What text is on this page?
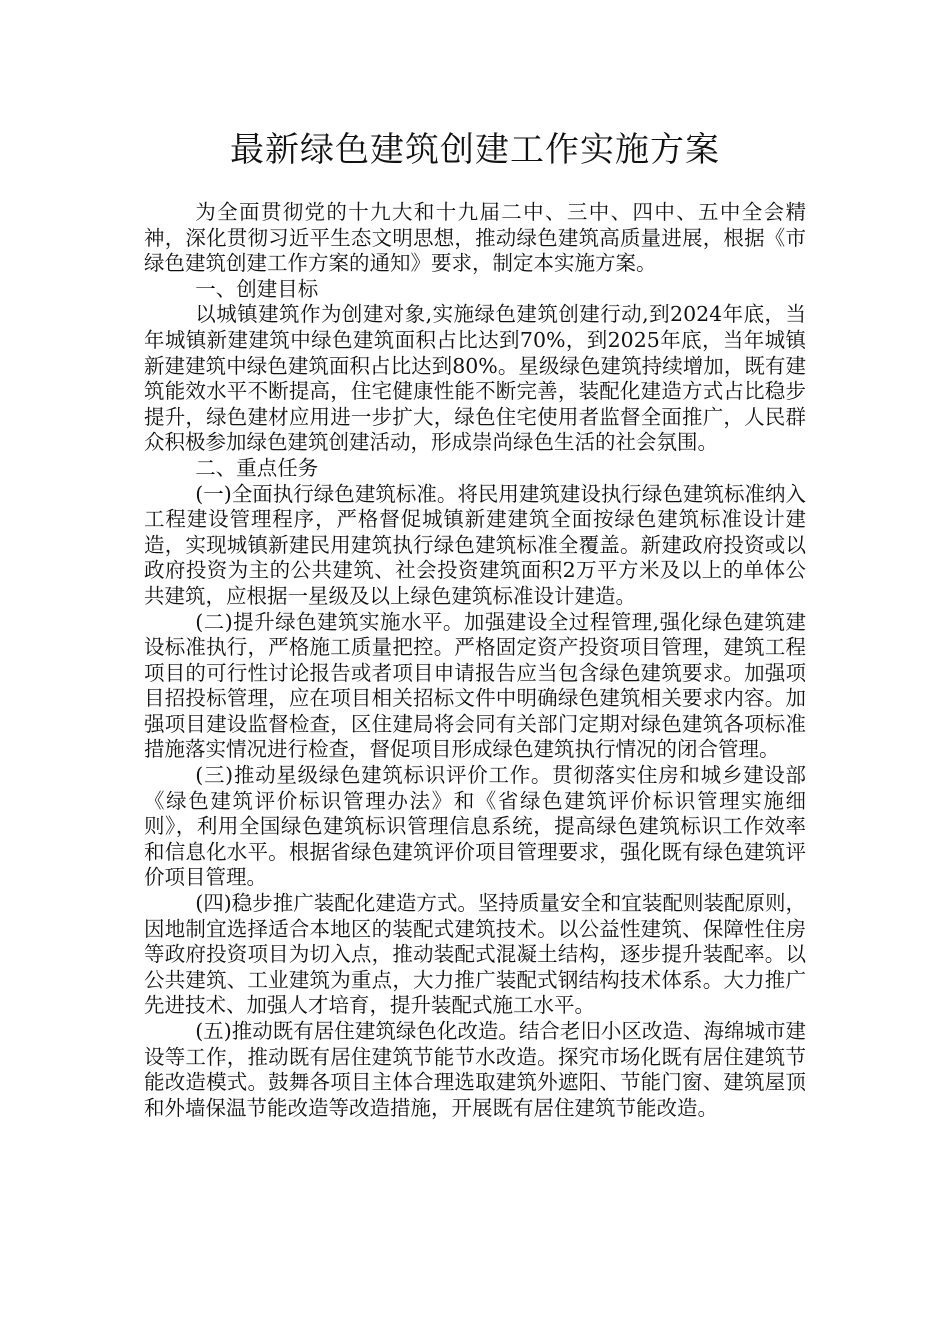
最新绿色建筑创建工作实施方案

为全面贯彻党的十九大和十九届二中、三中、四中、五中全会精神，深化贯彻习近平生态文明思想，推动绿色建筑高质量进展，根据《市绿色建筑创建工作方案的通知》要求，制定本实施方案。

一、创建目标

以城镇建筑作为创建对象,实施绿色建筑创建行动,到2024年底，当年城镇新建建筑中绿色建筑面积占比达到70%，到2025年底，当年城镇新建建筑中绿色建筑面积占比达到80%。星级绿色建筑持续增加，既有建筑能效水平不断提高，住宅健康性能不断完善，装配化建造方式占比稳步提升，绿色建材应用进一步扩大，绿色住宅使用者监督全面推广，人民群众积极参加绿色建筑创建活动，形成崇尚绿色生活的社会氛围。

二、重点任务

(一)全面执行绿色建筑标准。将民用建筑建设执行绿色建筑标准纳入工程建设管理程序，严格督促城镇新建建筑全面按绿色建筑标准设计建造，实现城镇新建民用建筑执行绿色建筑标准全覆盖。新建政府投资或以政府投资为主的公共建筑、社会投资建筑面积2万平方米及以上的单体公共建筑，应根据一星级及以上绿色建筑标准设计建造。

(二)提升绿色建筑实施水平。加强建设全过程管理,强化绿色建筑建设标准执行，严格施工质量把控。严格固定资产投资项目管理，建筑工程项目的可行性讨论报告或者项目申请报告应当包含绿色建筑要求。加强项目招投标管理，应在项目相关招标文件中明确绿色建筑相关要求内容。加强项目建设监督检查，区住建局将会同有关部门定期对绿色建筑各项标准措施落实情况进行检查，督促项目形成绿色建筑执行情况的闭合管理。

(三)推动星级绿色建筑标识评价工作。贯彻落实住房和城乡建设部《绿色建筑评价标识管理办法》和《省绿色建筑评价标识管理实施细则》，利用全国绿色建筑标识管理信息系统，提高绿色建筑标识工作效率和信息化水平。根据省绿色建筑评价项目管理要求，强化既有绿色建筑评价项目管理。

(四)稳步推广装配化建造方式。坚持质量安全和宜装配则装配原则，因地制宜选择适合本地区的装配式建筑技术。以公益性建筑、保障性住房等政府投资项目为切入点，推动装配式混凝土结构，逐步提升装配率。以公共建筑、工业建筑为重点，大力推广装配式钢结构技术体系。大力推广先进技术、加强人才培育，提升装配式施工水平。

(五)推动既有居住建筑绿色化改造。结合老旧小区改造、海绵城市建设等工作，推动既有居住建筑节能节水改造。探究市场化既有居住建筑节能改造模式。鼓舞各项目主体合理选取建筑外遮阳、节能门窗、建筑屋顶和外墙保温节能改造等改造措施，开展既有居住建筑节能改造。
